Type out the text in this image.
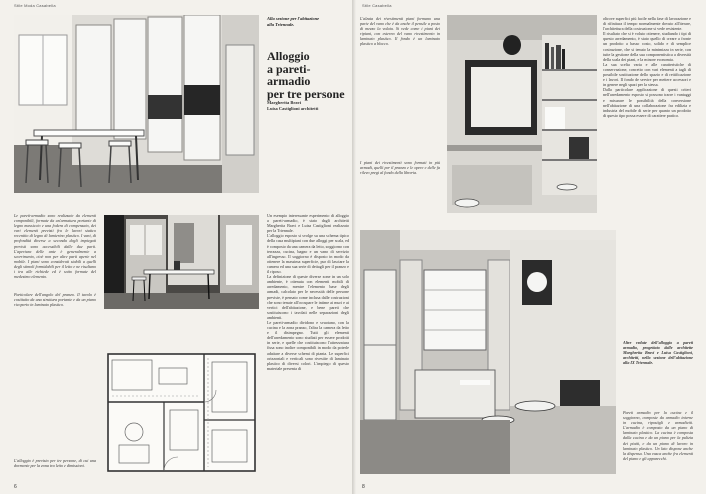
Stile Moda Casabella
Alla sezione per l'abitazione
alla Triennale.
Alloggio
a pareti-armadio
per tre persone
Margherita Bravi
Luisa Castiglioni architetti
Le pareti-armadio sono realizzate da elementi componibili, formate da un'armatura portante di legno massiccio e una fodera di compensato, dei vari elementi previsti fra le lavori statico recentito di legno di lamierino plastico. I vani, di profondità diverse a seconda degli impiegati previsti sono accessibili dalle due parti. L'apertura delle ante è generalmente a scorrimento, cioè non per altre parti aperte nel mobile. I piani sono considerati stabili a quelli degli stimoli formidabili per il letto e ne risultano i tra alle richiede ed è sotto formate del medesimo elemento.
Particolare dell'angolo del pranzo. Il tavolo è costituito da una struttura portante e da un piano ricoperto in laminato plastico.
L'alloggio è previsto per tre persone, di cui una dormente per la zona tra letto e dimissioni.
Un esempio interessante esperimento di alloggio a pareti-armadio, è stato dagli architetti Margherita Bravi e Luisa Castiglioni realizzato per la Triennale.
L'alloggio esposto si svolge su una schema tipico della casa multipiani con due alloggi per scala, ed è composto da una camera da letto, soggiorno con terrazza, cucina, bagno e un vano di servizio all'ingresso. Il soggiorno è disposto in modo da ottenere la massima superficie, pur di lasciare la camera ed una sua serie di dettagli per il pranzo e il riposo.
La definizione di queste diverse zone in un solo ambiente, è ottenuta con elementi mobili di arredamento, mentre l'elemento base degli armadi, calcolato per le necessità delle persone previste, è pensato come inclusa dalle costruzioni che sono tenute all'occupare le intime ai muri e ai vertici dell'abitazione, e bene pareti che sostituiscono i tavolati nelle separazioni degli ambienti.
Le pareti-armadio dividono e svuotano, con la cucina e la zona pranzo, l'altra la camera da letto e il disimpegno. Tutti gli elementi dell'arredamento sono studiati per essere prodotti in serie, e quelle che costituiscono l'attrezzatura fissa sono inoltre componibili in modo da poterle adattare a diverse schemi di pianta. Le superfici orizzontali e verticali sono rivestite di laminato plastico di diversi colori. L'impiego di questo materiale presenta di
6
Stile Casabella
L'alzata dei rivestimenti piani formano una parte del vano che è da anche il pensile a posto di mezzo la volata. Si vede come i piani dei ripiani, con esterno del vano rivestimento in laminato plastico. Il fondo è un laminato plastico a blocco.
I piani dei rivestimenti sono formati in più armadi, quelli per il pranzo e le opere e delle fa rilevo pregi al fondo della libreria.
oltrove superfici più facile nella fase di lavorazione e di rifinitura il tempo normalmente dovuto all'iterare, l'architettura della costruzione si vede resistente.
Il risultato che si è voluto ottenere, studiando i tipi di questo arredamento, è stato quello di creare a fronte un prodotto a basso costo, solido e di semplice costruzione, che si tenuto la minimizza in serie, con tutte la gestione della sua componentistica a diversità della scala dei piani, e la minore economia.
La sua scelta varia e alle caratteristiche di conservazione, concetto con vari elementi a tagli di possibile sostituzione dello spazio e di rettificazione e i lavori. Il fondo de servire per mettere accessori e in genere negli spazi per la stessa.
Dalla particolare applicazione di questi criteri nell'arredamento esposto si possono trarre i vantaggi e misurare le possibilità della conversione nell'abitazione di una collaborazione fra edilizia e industria del mobile di serie per quanto un prodotto di questo tipo possa essere di carattere pratico.
Altre vedute dell'alloggio a pareti armadio, progettato dalle architette Margherita Bravi e Luisa Castiglioni, architetti, nella sezione dell'abitazione alla IX Triennale.
Pareti armadio per la cucina e il soggiorno, composte da armadio interne in cucina, ripostigli e armadietti. L'armadio è composto da un piano di laminato plastico. La cucina è composta dalla cucina e da un piano per la pulizia dei piatti, e da un piano di lavoro in laminato plastico. Un lato dispone anche la dispensa. Una vasca anche fra elementi del piano e gli apparecchi.
8
